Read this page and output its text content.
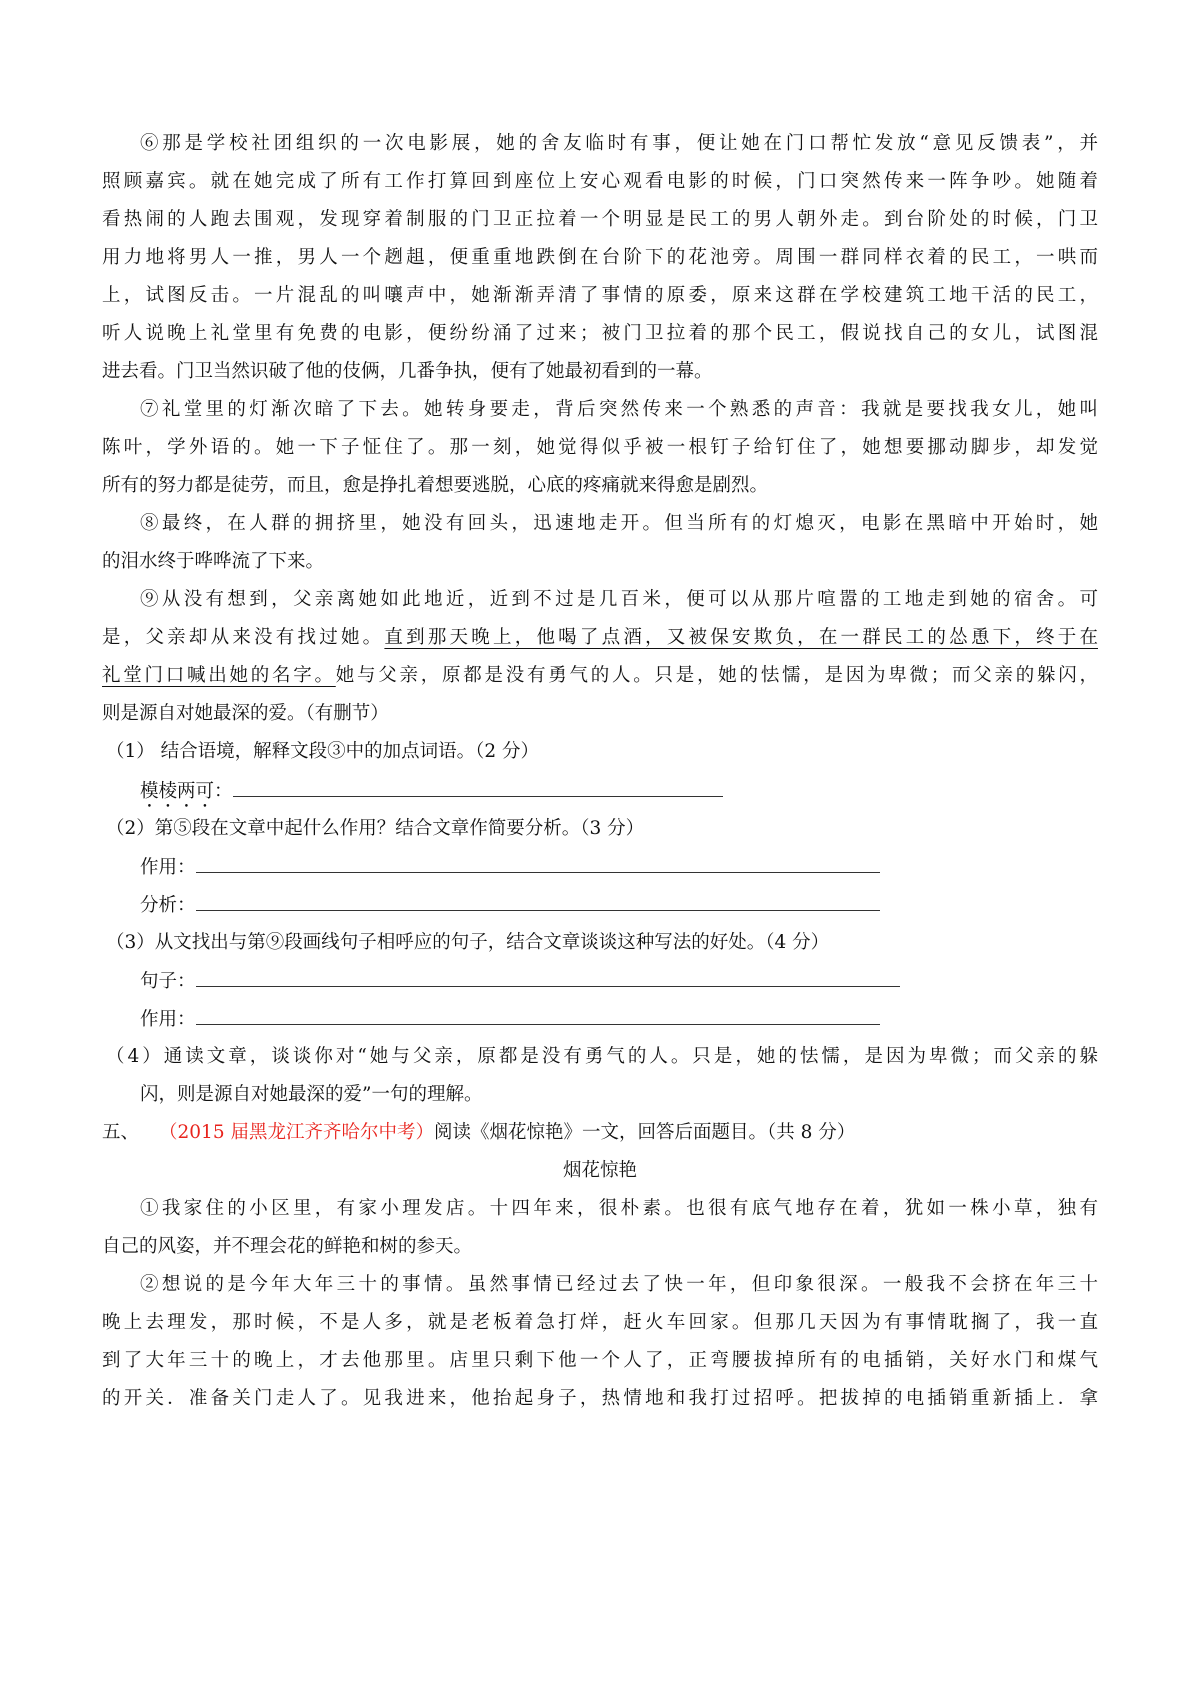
⑥那是学校社团组织的一次电影展，她的舍友临时有事，便让她在门口帮忙发放“意见反馈表”，并
照顾嘉宾。就在她完成了所有工作打算回到座位上安心观看电影的时候，门口突然传来一阵争吵。她随着
看热闹的人跑去围观，发现穿着制服的门卫正拉着一个明显是民工的男人朝外走。到台阶处的时候，门卫
用力地将男人一推，男人一个趔趄，便重重地跌倒在台阶下的花池旁。周围一群同样衣着的民工，一哄而
上，试图反击。一片混乱的叫嚷声中，她渐渐弄清了事情的原委，原来这群在学校建筑工地干活的民工，
听人说晚上礼堂里有免费的电影，便纷纷涌了过来；被门卫拉着的那个民工，假说找自己的女儿，试图混
进去看。门卫当然识破了他的伎俩，几番争执，便有了她最初看到的一幕。
⑦礼堂里的灯渐次暗了下去。她转身要走，背后突然传来一个熟悉的声音：我就是要找我女儿，她叫
陈叶，学外语的。她一下子怔住了。那一刻，她觉得似乎被一根钉子给钉住了，她想要挪动脚步，却发觉
所有的努力都是徒劳，而且，愈是挣扎着想要逃脱，心底的疼痛就来得愈是剧烈。
⑧最终，在人群的拥挤里，她没有回头，迅速地走开。但当所有的灯熄灭，电影在黑暗中开始时，她
的泪水终于哗哗流了下来。
⑨从没有想到，父亲离她如此地近，近到不过是几百米，便可以从那片喧嚣的工地走到她的宿舍。可
是，父亲却从来没有找过她。直到那天晚上，他喝了点酒，又被保安欺负，在一群民工的怂恿下，终于在
礼堂门口喊出她的名字。她与父亲，原都是没有勇气的人。只是，她的怯懦，是因为卑微；而父亲的躲闪，
则是源自对她最深的爱。（有删节）
（1） 结合语境，解释文段③中的加点词语。（2 分）
模棱两可：
（2）第⑤段在文章中起什么作用？结合文章作简要分析。（3 分）
作用：
分析：
（3）从文找出与第⑨段画线句子相呼应的句子，结合文章谈谈这种写法的好处。（4 分）
句子：
作用：
（4）通读文章，谈谈你对“她与父亲，原都是没有勇气的人。只是，她的怯懦，是因为卑微；而父亲的躲
闪，则是源自对她最深的爱”一句的理解。
五、 （2015 届黑龙江齐齐哈尔中考）阅读《烟花惊艳》一文，回答后面题目。（共 8 分）
烟花惊艳
①我家住的小区里，有家小理发店。十四年来，很朴素。也很有底气地存在着，犹如一株小草，独有
自己的风姿，并不理会花的鲜艳和树的参天。
②想说的是今年大年三十的事情。虽然事情已经过去了快一年，但印象很深。一般我不会挤在年三十
晚上去理发，那时候，不是人多，就是老板着急打烊，赶火车回家。但那几天因为有事情耽搁了，我一直
到了大年三十的晚上，才去他那里。店里只剩下他一个人了，正弯腰拔掉所有的电插销，关好水门和煤气
的开关．准备关门走人了。见我进来，他抬起身子，热情地和我打过招呼。把拔掉的电插销重新插上．拿
